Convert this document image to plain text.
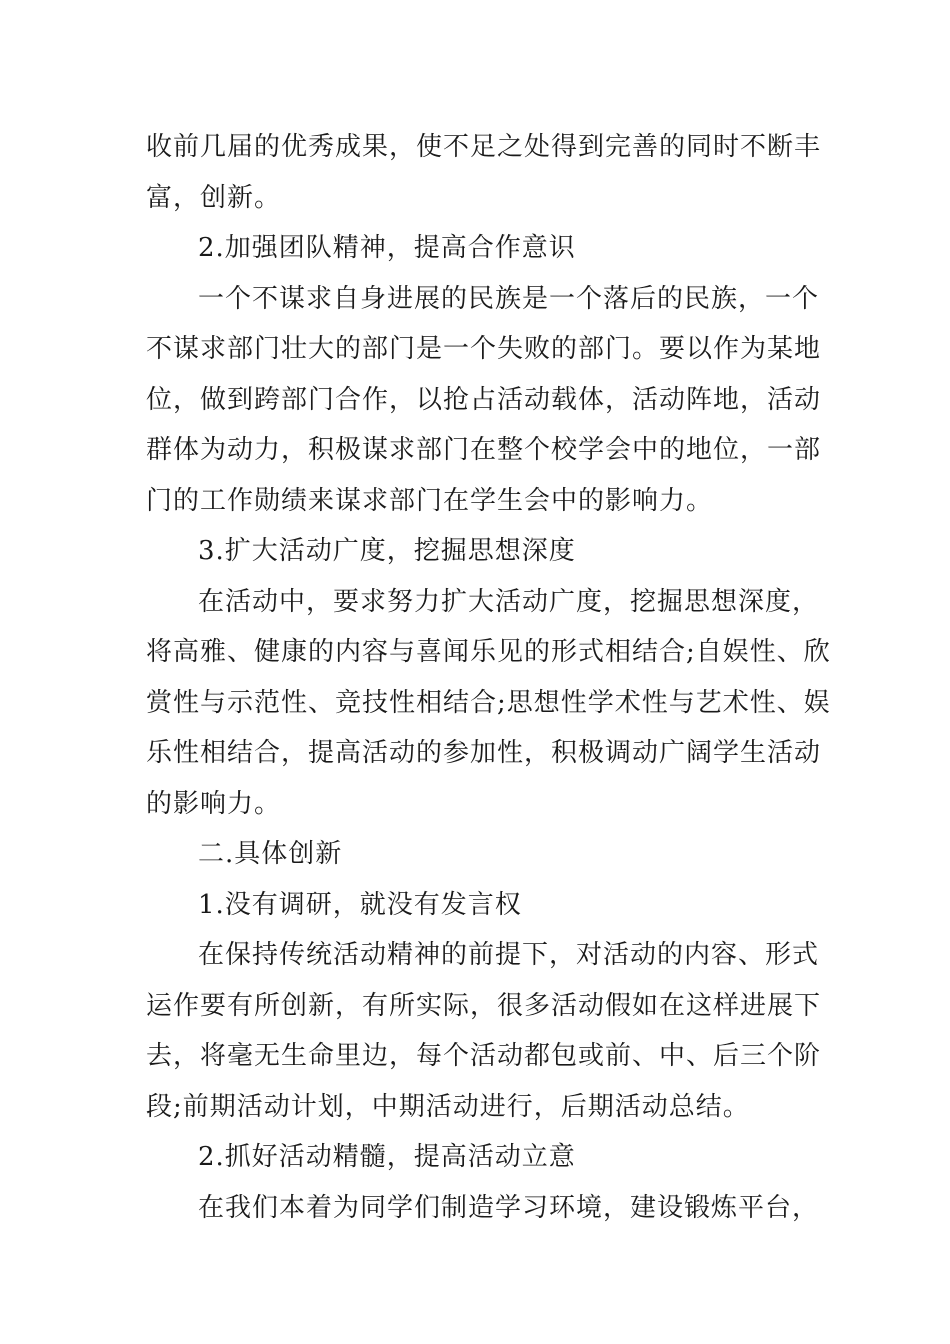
收前几届的优秀成果，使不足之处得到完善的同时不断丰
富，创新。
2.加强团队精神，提高合作意识
一个不谋求自身进展的民族是一个落后的民族，一个
不谋求部门壮大的部门是一个失败的部门。要以作为某地
位，做到跨部门合作，以抢占活动载体，活动阵地，活动
群体为动力，积极谋求部门在整个校学会中的地位，一部
门的工作勋绩来谋求部门在学生会中的影响力。
3.扩大活动广度，挖掘思想深度
在活动中，要求努力扩大活动广度，挖掘思想深度，
将高雅、健康的内容与喜闻乐见的形式相结合;自娱性、欣
赏性与示范性、竞技性相结合;思想性学术性与艺术性、娱
乐性相结合，提高活动的参加性，积极调动广阔学生活动
的影响力。
二.具体创新
1.没有调研，就没有发言权
在保持传统活动精神的前提下，对活动的内容、形式
运作要有所创新，有所实际，很多活动假如在这样进展下
去，将毫无生命里边，每个活动都包或前、中、后三个阶
段;前期活动计划，中期活动进行，后期活动总结。
2.抓好活动精髓，提高活动立意
在我们本着为同学们制造学习环境，建设锻炼平台，
